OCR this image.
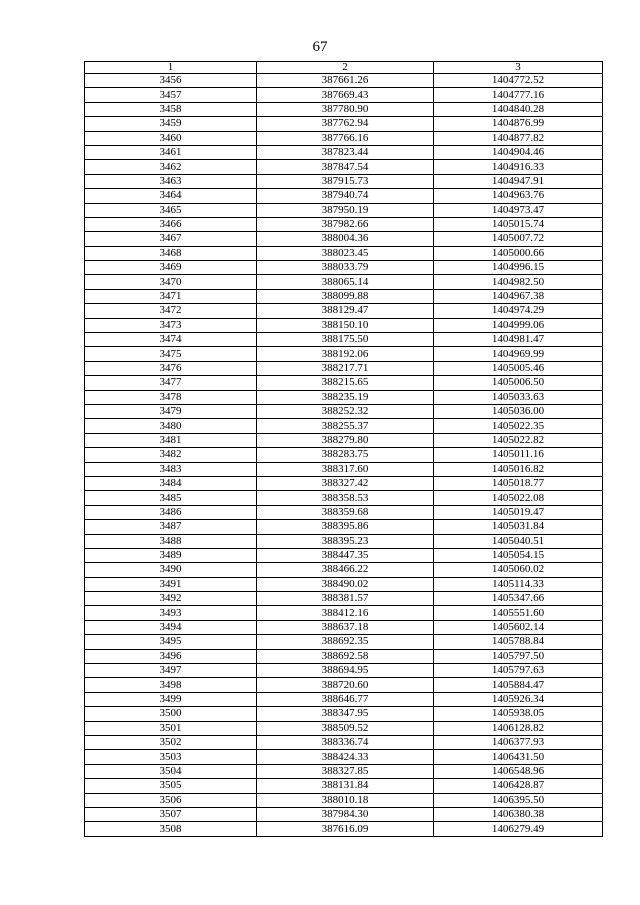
67
1	2	3
3456	387661.26	1404772.52
3457	387669.43	1404777.16
3458	387780.90	1404840.28
3459	387762.94	1404876.99
3460	387766.16	1404877.82
3461	387823.44	1404904.46
3462	387847.54	1404916.33
3463	387915.73	1404947.91
3464	387940.74	1404963.76
3465	387950.19	1404973.47
3466	387982.66	1405015.74
3467	388004.36	1405007.72
3468	388023.45	1405000.66
3469	388033.79	1404996.15
3470	388065.14	1404982.50
3471	388099.88	1404967.38
3472	388129.47	1404974.29
3473	388150.10	1404999.06
3474	388175.50	1404981.47
3475	388192.06	1404969.99
3476	388217.71	1405005.46
3477	388215.65	1405006.50
3478	388235.19	1405033.63
3479	388252.32	1405036.00
3480	388255.37	1405022.35
3481	388279.80	1405022.82
3482	388283.75	1405011.16
3483	388317.60	1405016.82
3484	388327.42	1405018.77
3485	388358.53	1405022.08
3486	388359.68	1405019.47
3487	388395.86	1405031.84
3488	388395.23	1405040.51
3489	388447.35	1405054.15
3490	388466.22	1405060.02
3491	388490.02	1405114.33
3492	388381.57	1405347.66
3493	388412.16	1405551.60
3494	388637.18	1405602.14
3495	388692.35	1405788.84
3496	388692.58	1405797.50
3497	388694.95	1405797.63
3498	388720.60	1405884.47
3499	388646.77	1405926.34
3500	388347.95	1405938.05
3501	388509.52	1406128.82
3502	388336.74	1406377.93
3503	388424.33	1406431.50
3504	388327.85	1406548.96
3505	388131.84	1406428.87
3506	388010.18	1406395.50
3507	387984.30	1406380.38
3508	387616.09	1406279.49
